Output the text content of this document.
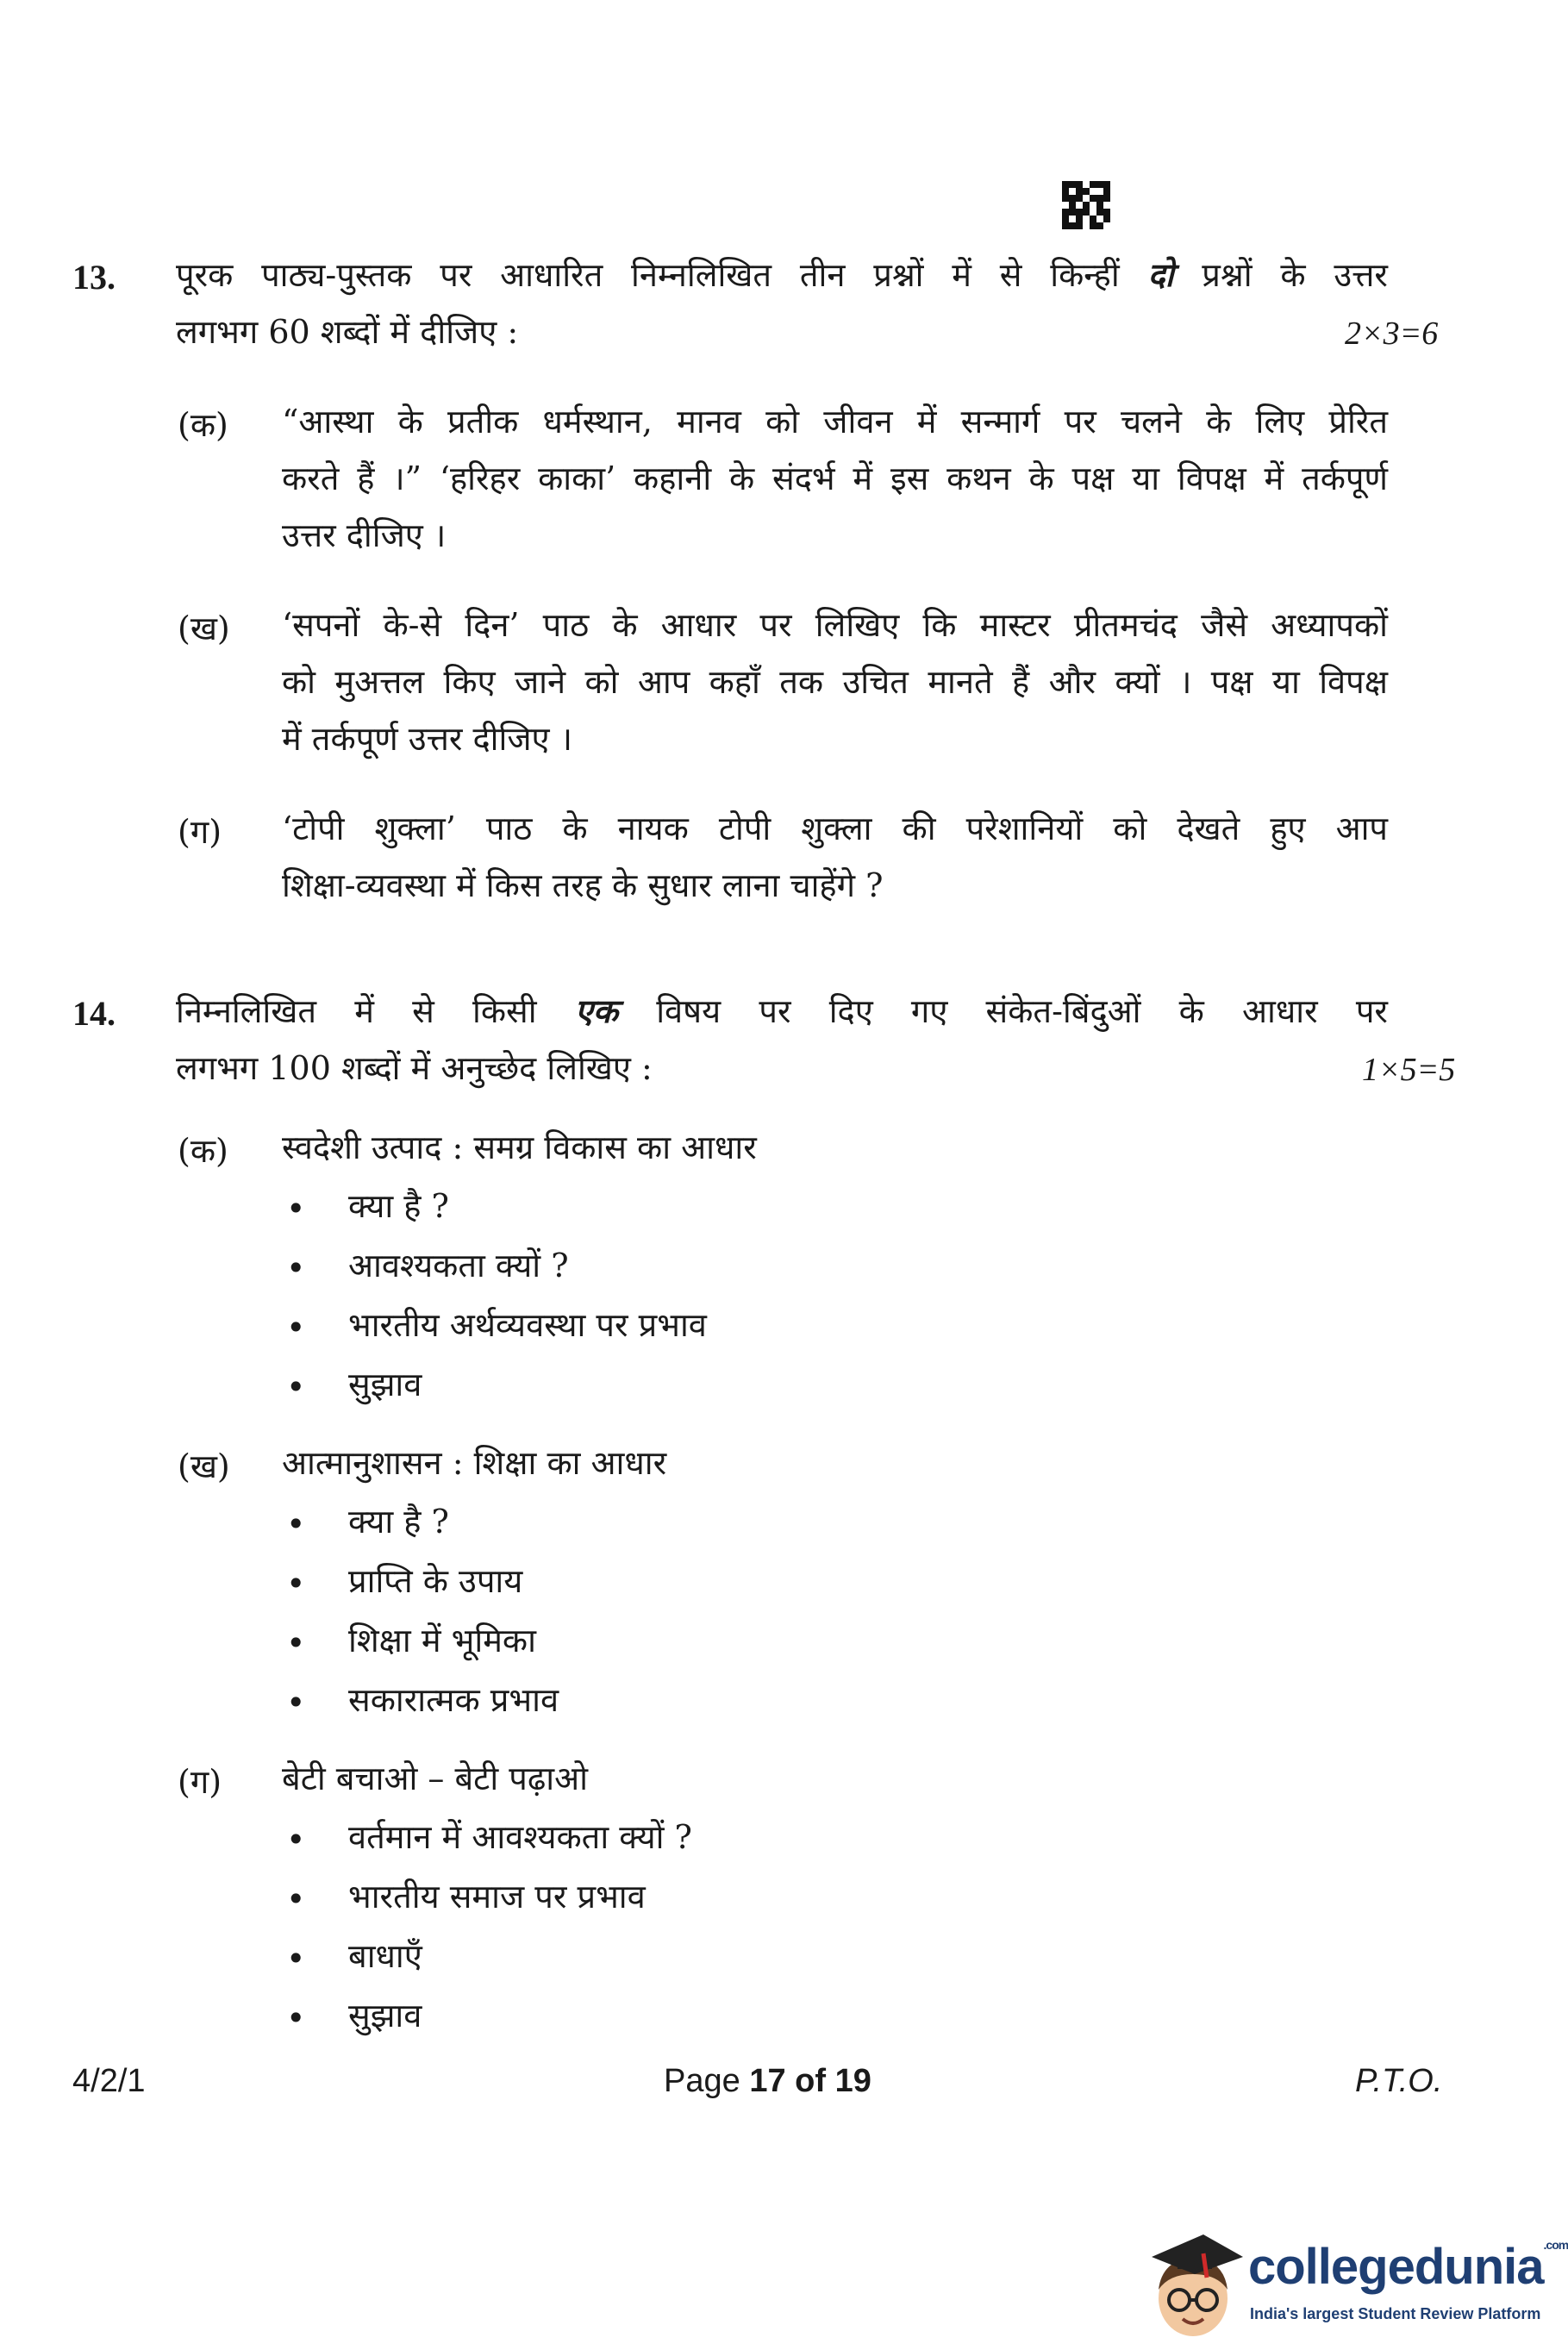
13. पूरक पाठ्य-पुस्तक पर आधारित निम्नलिखित तीन प्रश्नों में से किन्हीं दो प्रश्नों के उत्तर
लगभग 60 शब्दों में दीजिए :	2×3=6
(क) “आस्था के प्रतीक धर्मस्थान, मानव को जीवन में सन्मार्ग पर चलने के लिए प्रेरित
करते हैं ।” ‘हरिहर काका’ कहानी के संदर्भ में इस कथन के पक्ष या विपक्ष में तर्कपूर्ण
उत्तर दीजिए ।
(ख) ‘सपनों के-से दिन’ पाठ के आधार पर लिखिए कि मास्टर प्रीतमचंद जैसे अध्यापकों
को मुअत्तल किए जाने को आप कहाँ तक उचित मानते हैं और क्यों । पक्ष या विपक्ष
में तर्कपूर्ण उत्तर दीजिए ।
(ग) ‘टोपी शुक्ला’ पाठ के नायक टोपी शुक्ला की परेशानियों को देखते हुए आप
शिक्षा-व्यवस्था में किस तरह के सुधार लाना चाहेंगे ?
14. निम्नलिखित में से किसी एक विषय पर दिए गए संकेत-बिंदुओं के आधार पर
लगभग 100 शब्दों में अनुच्छेद लिखिए :	1×5=5
(क) स्वदेशी उत्पाद : समग्र विकास का आधार
• क्या है ?
• आवश्यकता क्यों ?
• भारतीय अर्थव्यवस्था पर प्रभाव
• सुझाव
(ख) आत्मानुशासन : शिक्षा का आधार
• क्या है ?
• प्राप्ति के उपाय
• शिक्षा में भूमिका
• सकारात्मक प्रभाव
(ग) बेटी बचाओ – बेटी पढ़ाओ
• वर्तमान में आवश्यकता क्यों ?
• भारतीय समाज पर प्रभाव
• बाधाएँ
• सुझाव
4/2/1	Page 17 of 19	P.T.O.
collegedunia$^{.com}$
India's largest Student Review Platform
